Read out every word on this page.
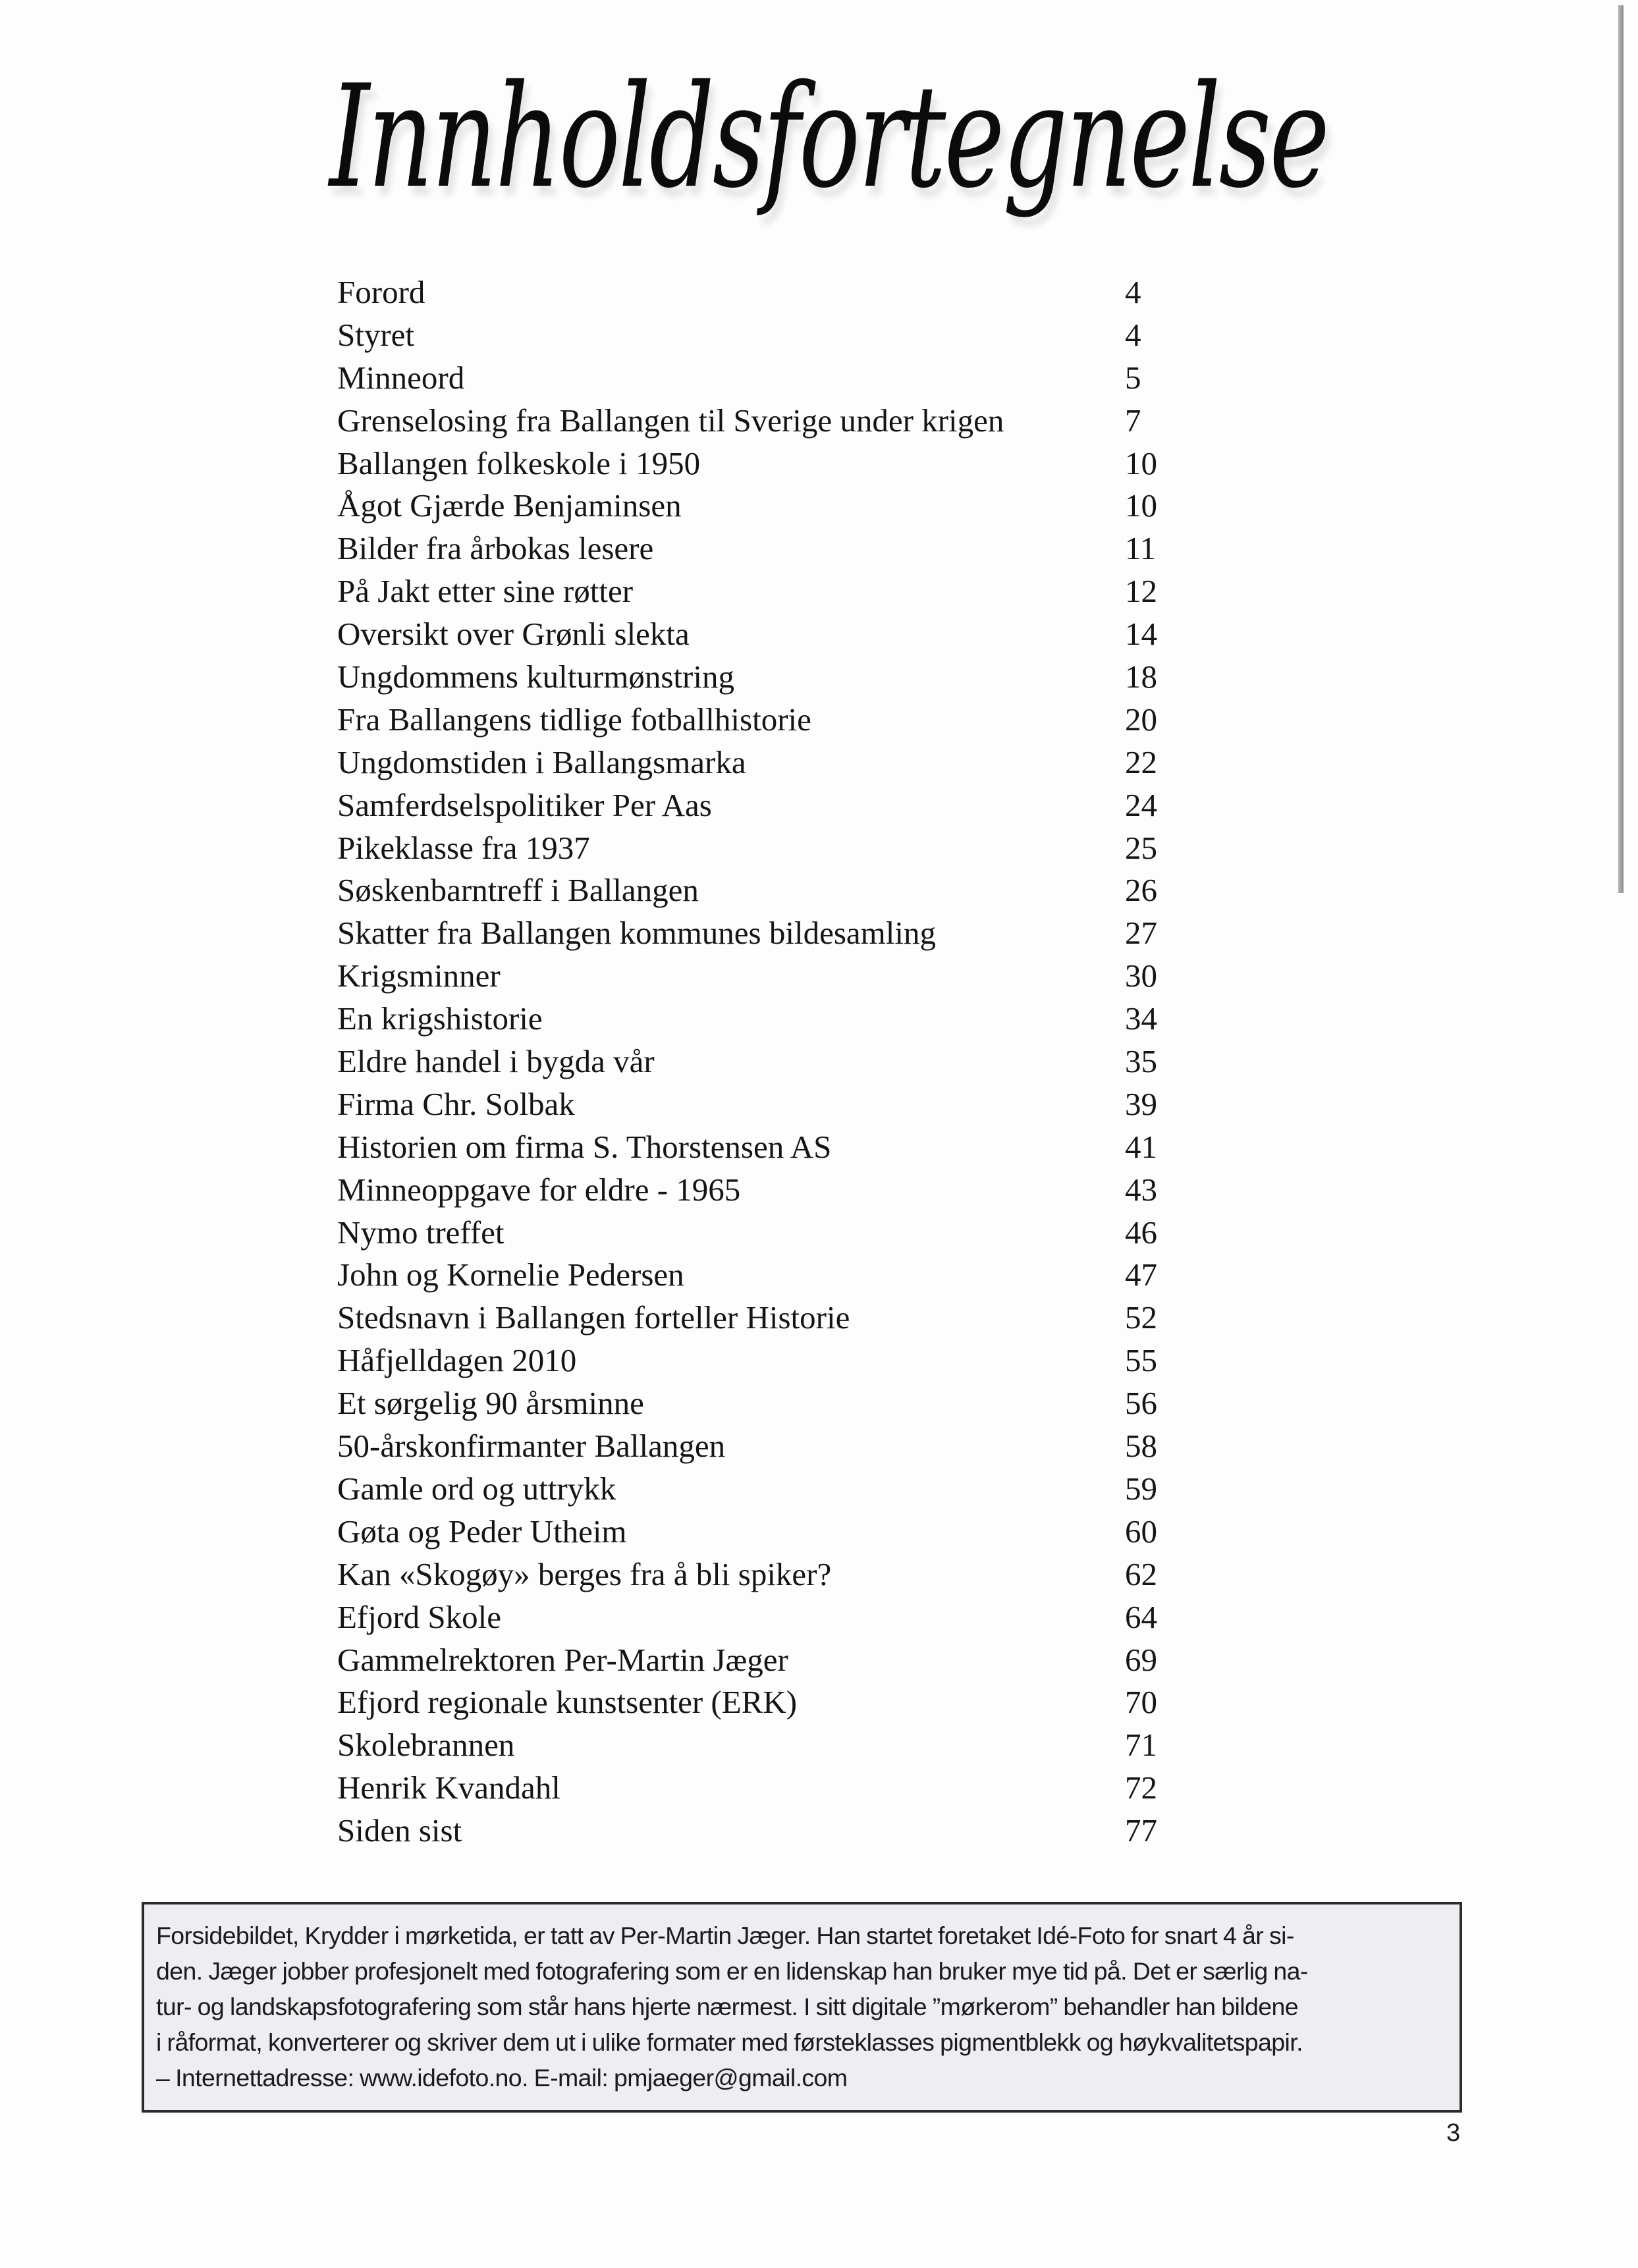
Innholdsfortegnelse
Forord	4
Styret	4
Minneord	5
Grenselosing fra Ballangen til Sverige under krigen	7
Ballangen folkeskole i 1950	10
Ågot Gjærde Benjaminsen	10
Bilder fra årbokas lesere	11
På Jakt etter sine røtter	12
Oversikt over Grønli slekta	14
Ungdommens kulturmønstring	18
Fra Ballangens tidlige fotballhistorie	20
Ungdomstiden i Ballangsmarka	22
Samferdselspolitiker Per Aas	24
Pikeklasse fra 1937	25
Søskenbarntreff i Ballangen	26
Skatter fra Ballangen kommunes bildesamling	27
Krigsminner	30
En krigshistorie	34
Eldre handel i bygda vår	35
Firma Chr. Solbak	39
Historien om firma S. Thorstensen AS	41
Minneoppgave for eldre - 1965	43
Nymo treffet	46
John og Kornelie Pedersen	47
Stedsnavn i Ballangen forteller Historie	52
Håfjelldagen 2010	55
Et sørgelig 90 årsminne	56
50-årskonfirmanter Ballangen	58
Gamle ord og uttrykk	59
Gøta og Peder Utheim	60
Kan «Skogøy» berges fra å bli spiker?	62
Efjord Skole	64
Gammelrektoren Per-Martin Jæger	69
Efjord regionale kunstsenter (ERK)	70
Skolebrannen	71
Henrik Kvandahl	72
Siden sist	77
Forsidebildet, Krydder i mørketida, er tatt av Per-Martin Jæger. Han startet foretaket Idé-Foto for snart 4 år si-
den. Jæger jobber profesjonelt med fotografering som er en lidenskap han bruker mye tid på. Det er særlig na-
tur- og landskapsfotografering som står hans hjerte nærmest. I sitt digitale ”mørkerom” behandler han bildene
i råformat, konverterer og skriver dem ut i ulike formater med førsteklasses pigmentblekk og høykvalitetspapir.
– Internettadresse: www.idefoto.no. E-mail: pmjaeger@gmail.com
3
